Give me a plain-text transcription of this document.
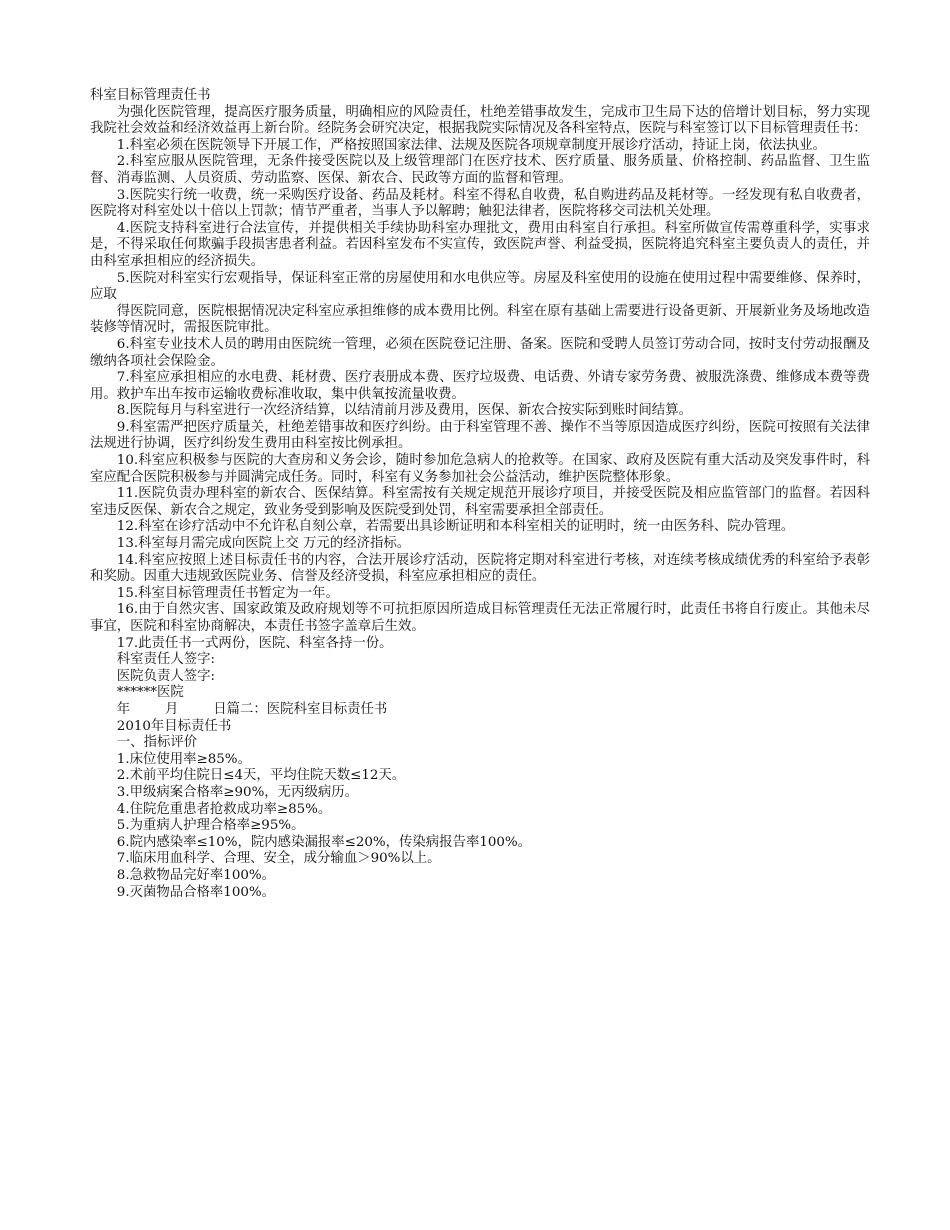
科室目标管理责任书

为强化医院管理，提高医疗服务质量，明确相应的风险责任，杜绝差错事故发生，完成市卫生局下达的倍增计划目标，努力实现我院社会效益和经济效益再上新台阶。经院务会研究决定，根据我院实际情况及各科室特点，医院与科室签订以下目标管理责任书：

1.科室必须在医院领导下开展工作，严格按照国家法律、法规及医院各项规章制度开展诊疗活动，持证上岗，依法执业。

2.科室应服从医院管理，无条件接受医院以及上级管理部门在医疗技术、医疗质量、服务质量、价格控制、药品监督、卫生监督、消毒监测、人员资质、劳动监察、医保、新农合、民政等方面的监督和管理。

3.医院实行统一收费，统一采购医疗设备、药品及耗材。科室不得私自收费，私自购进药品及耗材等。一经发现有私自收费者，医院将对科室处以十倍以上罚款；情节严重者，当事人予以解聘；触犯法律者，医院将移交司法机关处理。

4.医院支持科室进行合法宣传，并提供相关手续协助科室办理批文，费用由科室自行承担。科室所做宣传需尊重科学，实事求是，不得采取任何欺骗手段损害患者利益。若因科室发布不实宣传，致医院声誉、利益受损，医院将追究科室主要负责人的责任，并由科室承担相应的经济损失。

5.医院对科室实行宏观指导，保证科室正常的房屋使用和水电供应等。房屋及科室使用的设施在使用过程中需要维修、保养时，应取

得医院同意，医院根据情况决定科室应承担维修的成本费用比例。科室在原有基础上需要进行设备更新、开展新业务及场地改造装修等情况时，需报医院审批。

6.科室专业技术人员的聘用由医院统一管理，必须在医院登记注册、备案。医院和受聘人员签订劳动合同，按时支付劳动报酬及缴纳各项社会保险金。

7.科室应承担相应的水电费、耗材费、医疗表册成本费、医疗垃圾费、电话费、外请专家劳务费、被服洗涤费、维修成本费等费用。救护车出车按市运输收费标准收取，集中供氧按流量收费。

8.医院每月与科室进行一次经济结算，以结清前月涉及费用，医保、新农合按实际到账时间结算。

9.科室需严把医疗质量关，杜绝差错事故和医疗纠纷。由于科室管理不善、操作不当等原因造成医疗纠纷，医院可按照有关法律法规进行协调，医疗纠纷发生费用由科室按比例承担。

10.科室应积极参与医院的大查房和义务会诊，随时参加危急病人的抢救等。在国家、政府及医院有重大活动及突发事件时，科室应配合医院积极参与并圆满完成任务。同时，科室有义务参加社会公益活动，维护医院整体形象。

11.医院负责办理科室的新农合、医保结算。科室需按有关规定规范开展诊疗项目，并接受医院及相应监管部门的监督。若因科室违反医保、新农合之规定，致业务受到影响及医院受到处罚，科室需要承担全部责任。

12.科室在诊疗活动中不允许私自刻公章，若需要出具诊断证明和本科室相关的证明时，统一由医务科、院办管理。

13.科室每月需完成向医院上交 万元的经济指标。

14.科室应按照上述目标责任书的内容，合法开展诊疗活动，医院将定期对科室进行考核，对连续考核成绩优秀的科室给予表彰和奖励。因重大违规致医院业务、信誉及经济受损，科室应承担相应的责任。

15.科室目标管理责任书暂定为一年。

16.由于自然灾害、国家政策及政府规划等不可抗拒原因所造成目标管理责任无法正常履行时，此责任书将自行废止。其他未尽事宜，医院和科室协商解决，本责任书签字盖章后生效。

17.此责任书一式两份，医院、科室各持一份。

科室责任人签字:

医院负责人签字:

******医院

年	月	日篇二：医院科室目标责任书

2010年目标责任书

一、指标评价

1.床位使用率≥85%。

2.术前平均住院日≤4天，平均住院天数≤12天。

3.甲级病案合格率≥90%，无丙级病历。

4.住院危重患者抢救成功率≥85%。

5.为重病人护理合格率≥95%。

6.院内感染率≤10%，院内感染漏报率≤20%，传染病报告率100%。

7.临床用血科学、合理、安全，成分输血＞90%以上。

8.急救物品完好率100%。

9.灭菌物品合格率100%。
